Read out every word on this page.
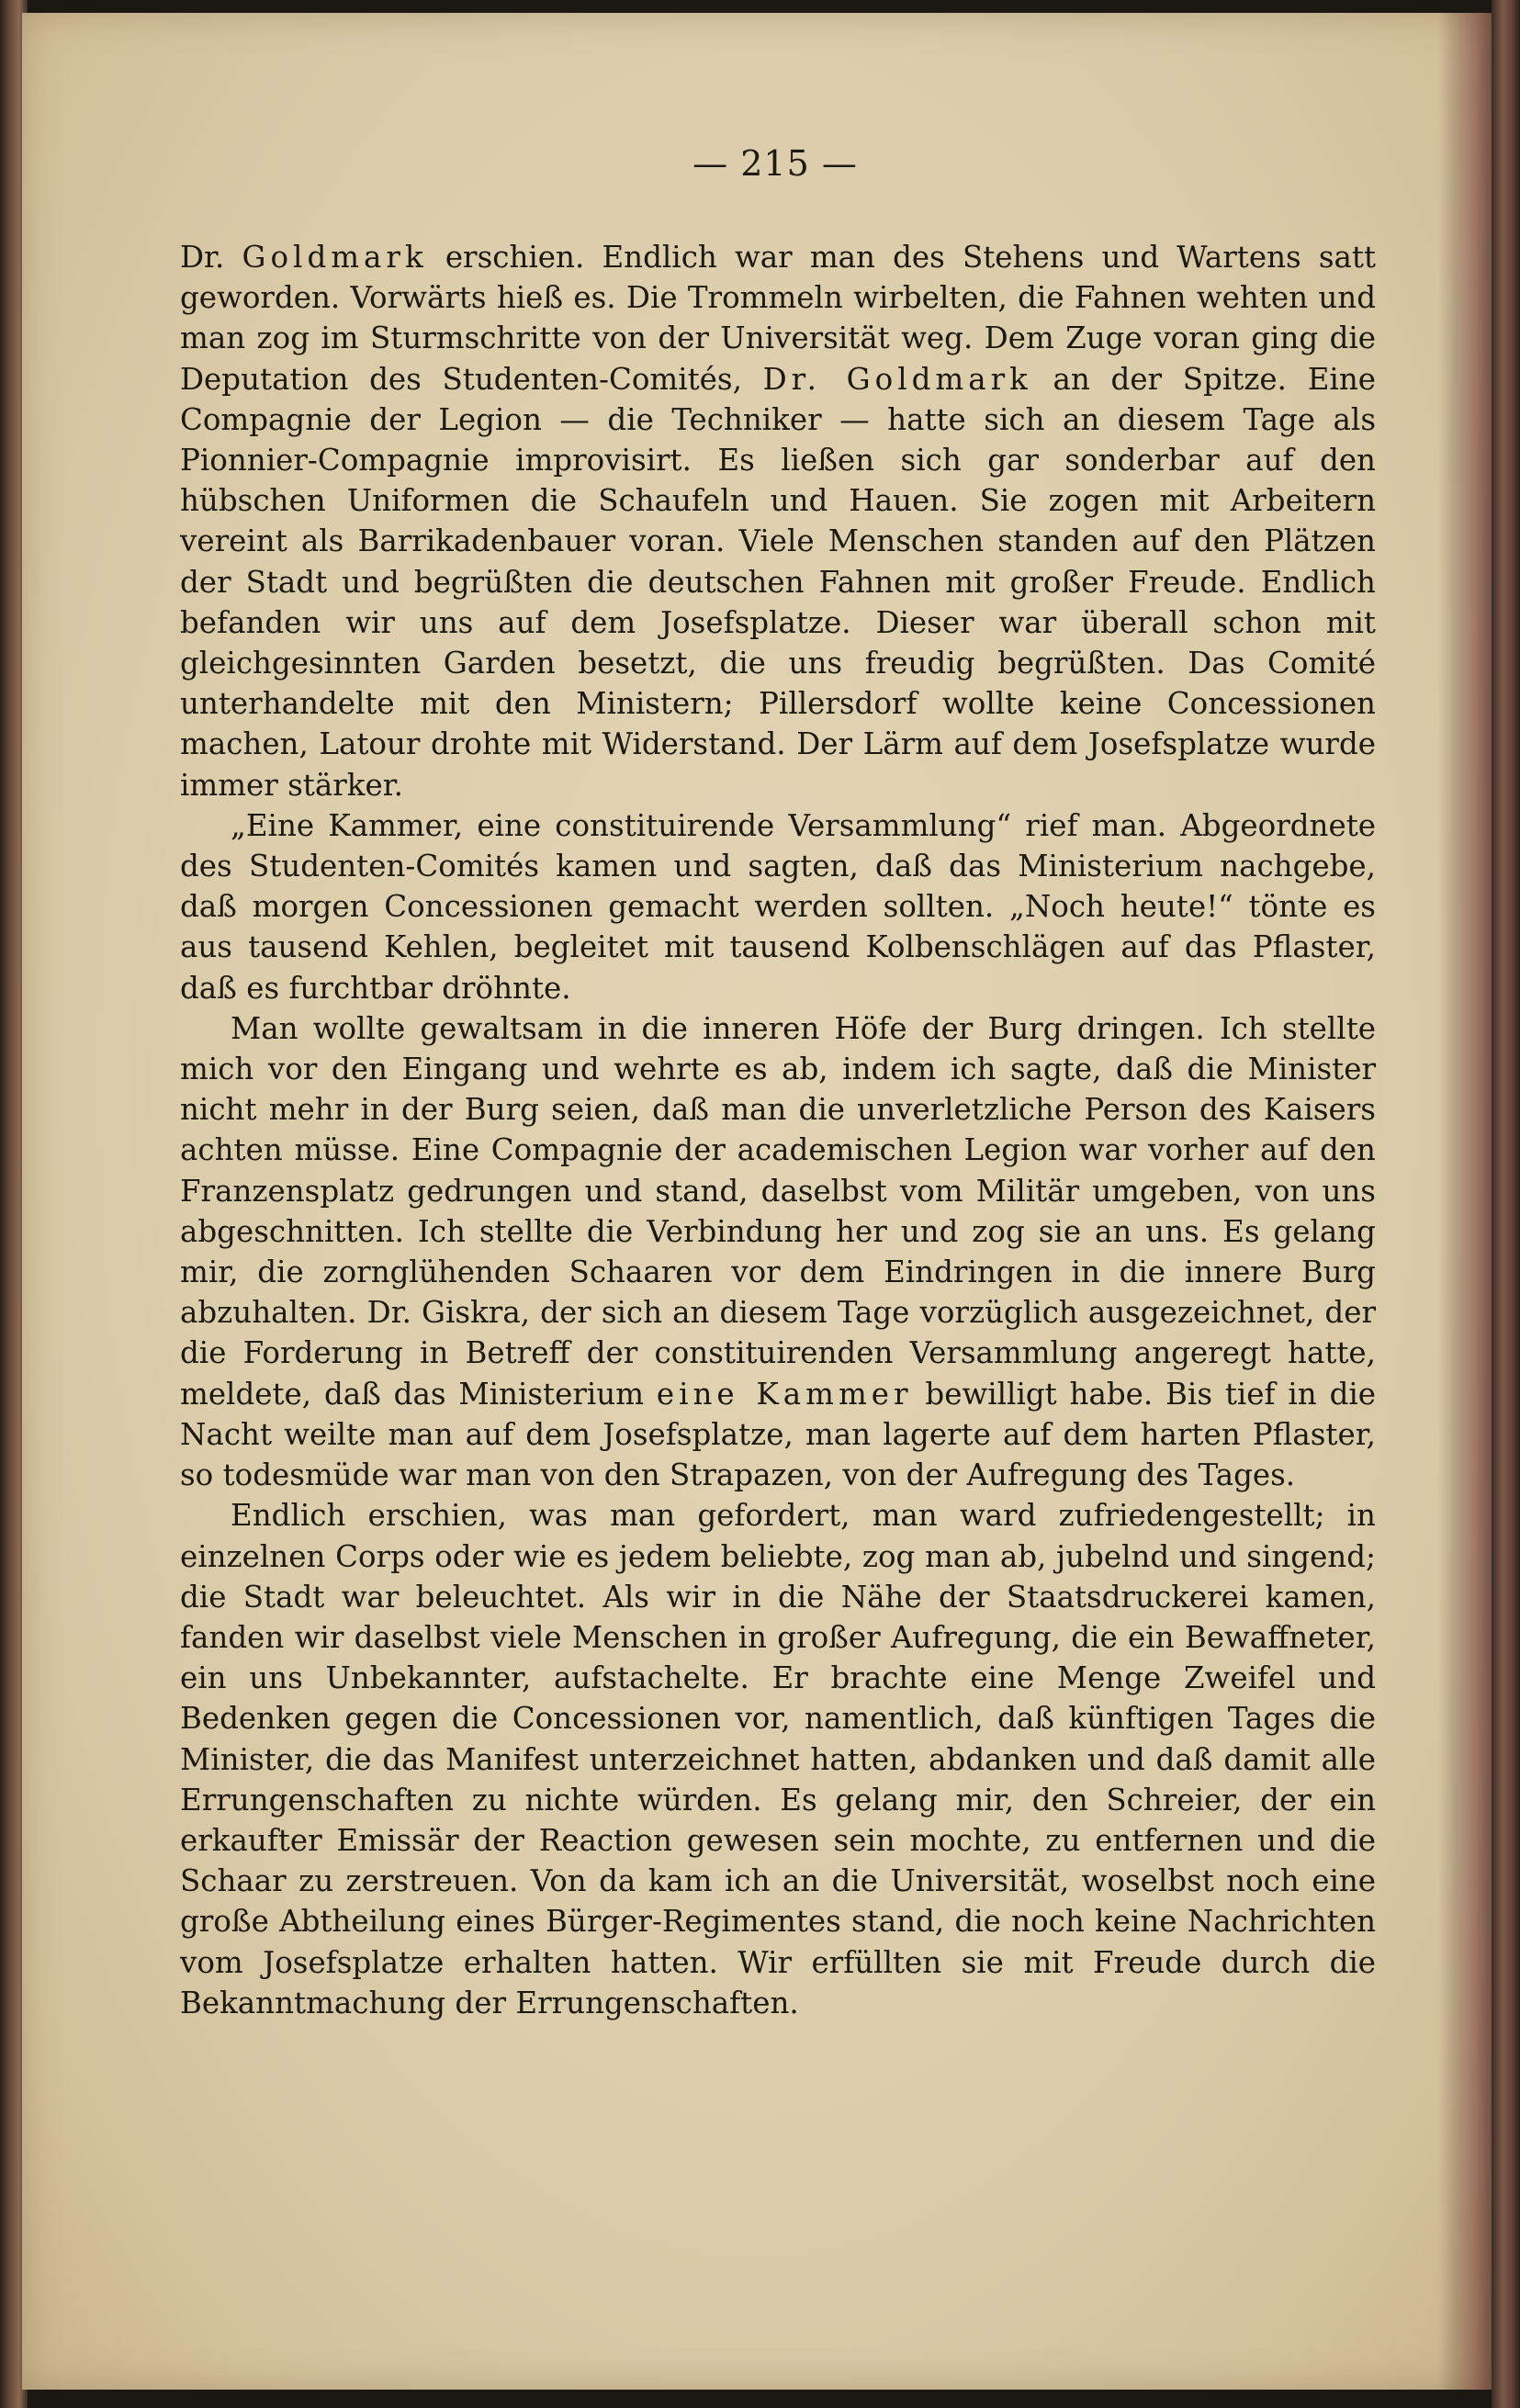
— 215 —

Dr. Goldmark erschien. Endlich war man des Stehens und Wartens satt geworden. Vorwärts hieß es. Die Trommeln wirbelten, die Fahnen wehten und man zog im Sturmschritte von der Universität weg. Dem Zuge voran ging die Deputation des Studenten-Comités, Dr. Goldmark an der Spitze. Eine Compagnie der Legion — die Techniker — hatte sich an diesem Tage als Pionnier-Compagnie improvisirt. Es ließen sich gar sonderbar auf den hübschen Uniformen die Schaufeln und Hauen. Sie zogen mit Arbeitern vereint als Barrikadenbauer voran. Viele Menschen standen auf den Plätzen der Stadt und begrüßten die deutschen Fahnen mit großer Freude. Endlich befanden wir uns auf dem Josefsplatze. Dieser war überall schon mit gleichgesinnten Garden besetzt, die uns freudig begrüßten. Das Comité unterhandelte mit den Ministern; Pillersdorf wollte keine Concessionen machen, Latour drohte mit Widerstand. Der Lärm auf dem Josefsplatze wurde immer stärker.

„Eine Kammer, eine constituirende Versammlung“ rief man. Abgeordnete des Studenten-Comités kamen und sagten, daß das Ministerium nachgebe, daß morgen Concessionen gemacht werden sollten. „Noch heute!“ tönte es aus tausend Kehlen, begleitet mit tausend Kolbenschlägen auf das Pflaster, daß es furchtbar dröhnte.

Man wollte gewaltsam in die inneren Höfe der Burg dringen. Ich stellte mich vor den Eingang und wehrte es ab, indem ich sagte, daß die Minister nicht mehr in der Burg seien, daß man die unverletzliche Person des Kaisers achten müsse. Eine Compagnie der academischen Legion war vorher auf den Franzensplatz gedrungen und stand, daselbst vom Militär umgeben, von uns abgeschnitten. Ich stellte die Verbindung her und zog sie an uns. Es gelang mir, die zornglühenden Schaaren vor dem Eindringen in die innere Burg abzuhalten. Dr. Giskra, der sich an diesem Tage vorzüglich ausgezeichnet, der die Forderung in Betreff der constituirenden Versammlung angeregt hatte, meldete, daß das Ministerium eine Kammer bewilligt habe. Bis tief in die Nacht weilte man auf dem Josefsplatze, man lagerte auf dem harten Pflaster, so todesmüde war man von den Strapazen, von der Aufregung des Tages.

Endlich erschien, was man gefordert, man ward zufriedengestellt; in einzelnen Corps oder wie es jedem beliebte, zog man ab, jubelnd und singend; die Stadt war beleuchtet. Als wir in die Nähe der Staatsdruckerei kamen, fanden wir daselbst viele Menschen in großer Aufregung, die ein Bewaffneter, ein uns Unbekannter, aufstachelte. Er brachte eine Menge Zweifel und Bedenken gegen die Concessionen vor, namentlich, daß künftigen Tages die Minister, die das Manifest unterzeichnet hatten, abdanken und daß damit alle Errungenschaften zu nichte würden. Es gelang mir, den Schreier, der ein erkaufter Emissär der Reaction gewesen sein mochte, zu entfernen und die Schaar zu zerstreuen. Von da kam ich an die Universität, woselbst noch eine große Abtheilung eines Bürger-Regimentes stand, die noch keine Nachrichten vom Josefsplatze erhalten hatten. Wir erfüllten sie mit Freude durch die Bekanntmachung der Errungenschaften.
